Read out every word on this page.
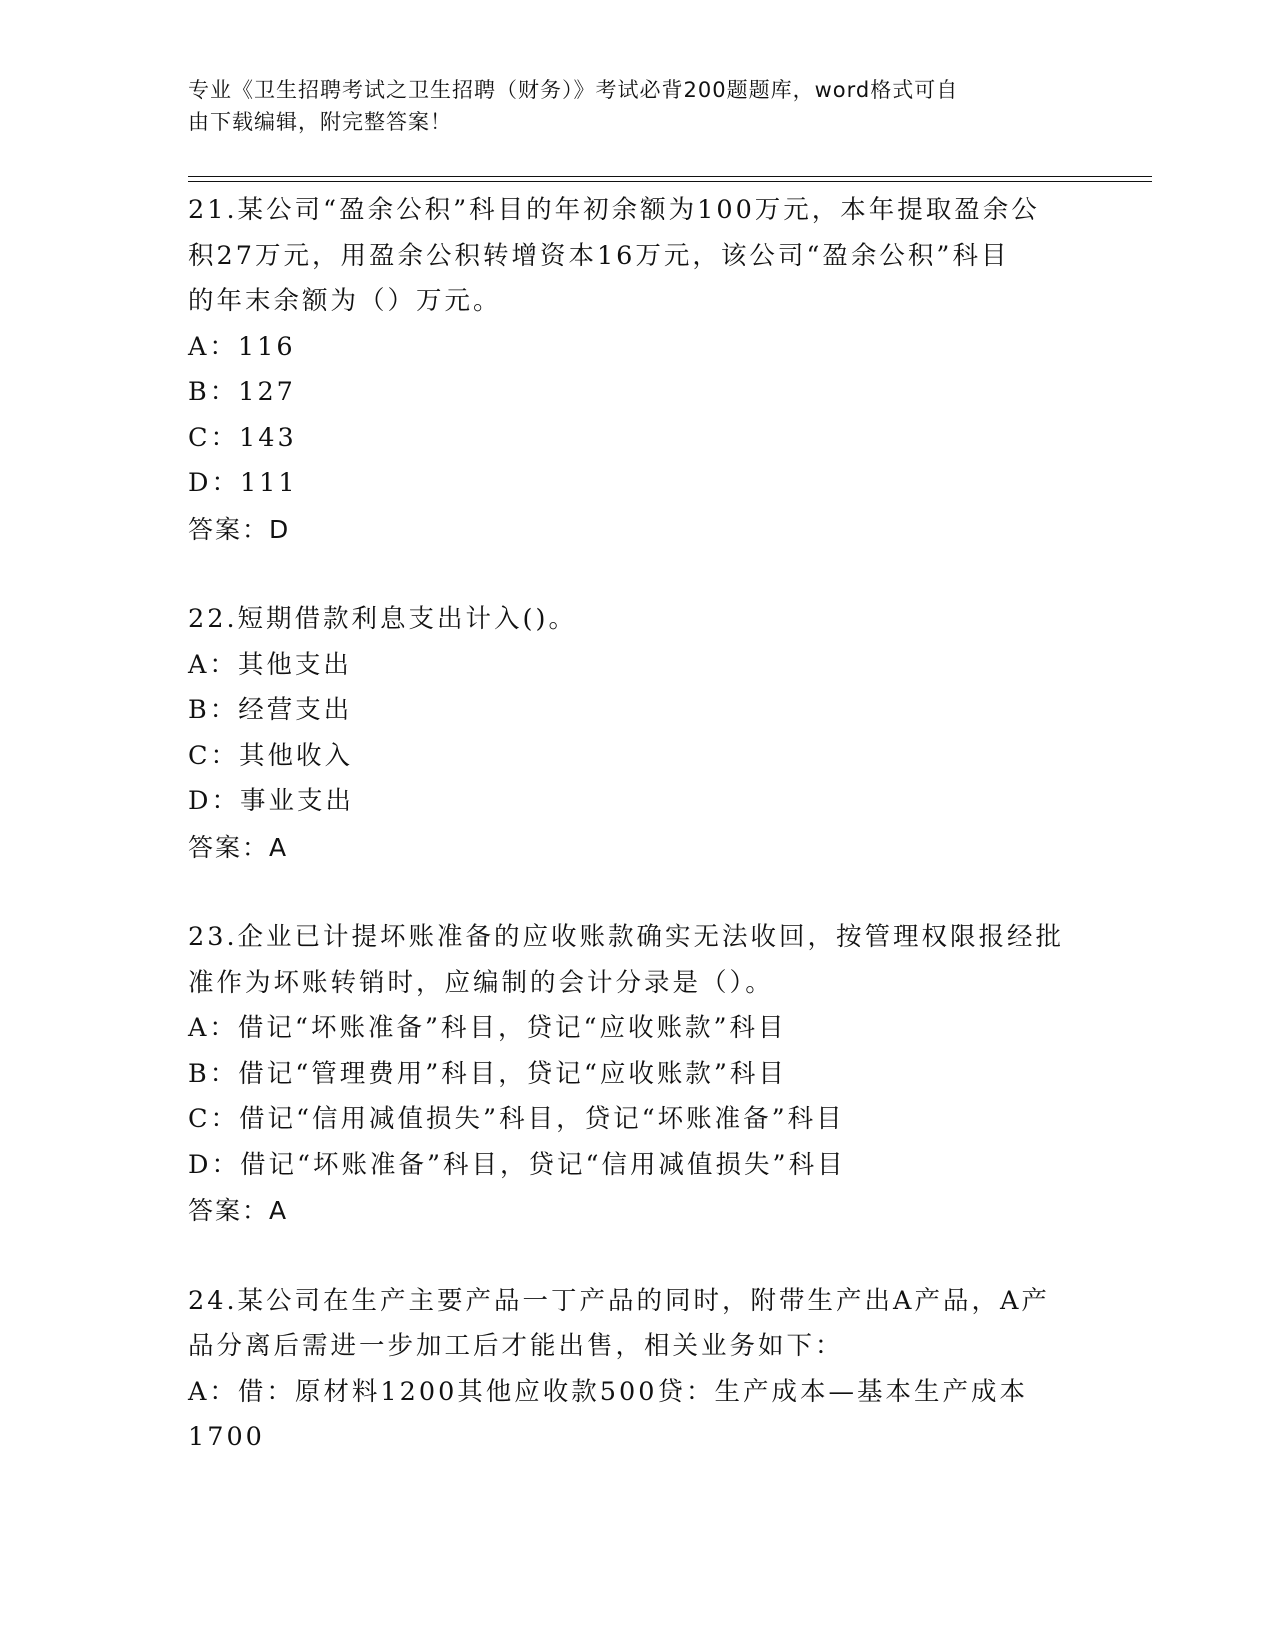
专业《卫生招聘考试之卫生招聘（财务）》考试必背200题题库，word格式可自
由下载编辑，附完整答案！
21.某公司“盈余公积”科目的年初余额为100万元，本年提取盈余公
积27万元，用盈余公积转增资本16万元，该公司“盈余公积”科目
的年末余额为（）万元。
A：116
B：127
C：143
D：111
答案：D
22.短期借款利息支出计入()。
A：其他支出
B：经营支出
C：其他收入
D：事业支出
答案：A
23.企业已计提坏账准备的应收账款确实无法收回，按管理权限报经批
准作为坏账转销时，应编制的会计分录是（）。
A：借记“坏账准备”科目，贷记“应收账款”科目
B：借记“管理费用”科目，贷记“应收账款”科目
C：借记“信用减值损失”科目，贷记“坏账准备”科目
D：借记“坏账准备”科目，贷记“信用减值损失”科目
答案：A
24.某公司在生产主要产品一丁产品的同时，附带生产出A产品，A产
品分离后需进一步加工后才能出售，相关业务如下：
A：借：原材料1200其他应收款500贷：生产成本—基本生产成本
1700
